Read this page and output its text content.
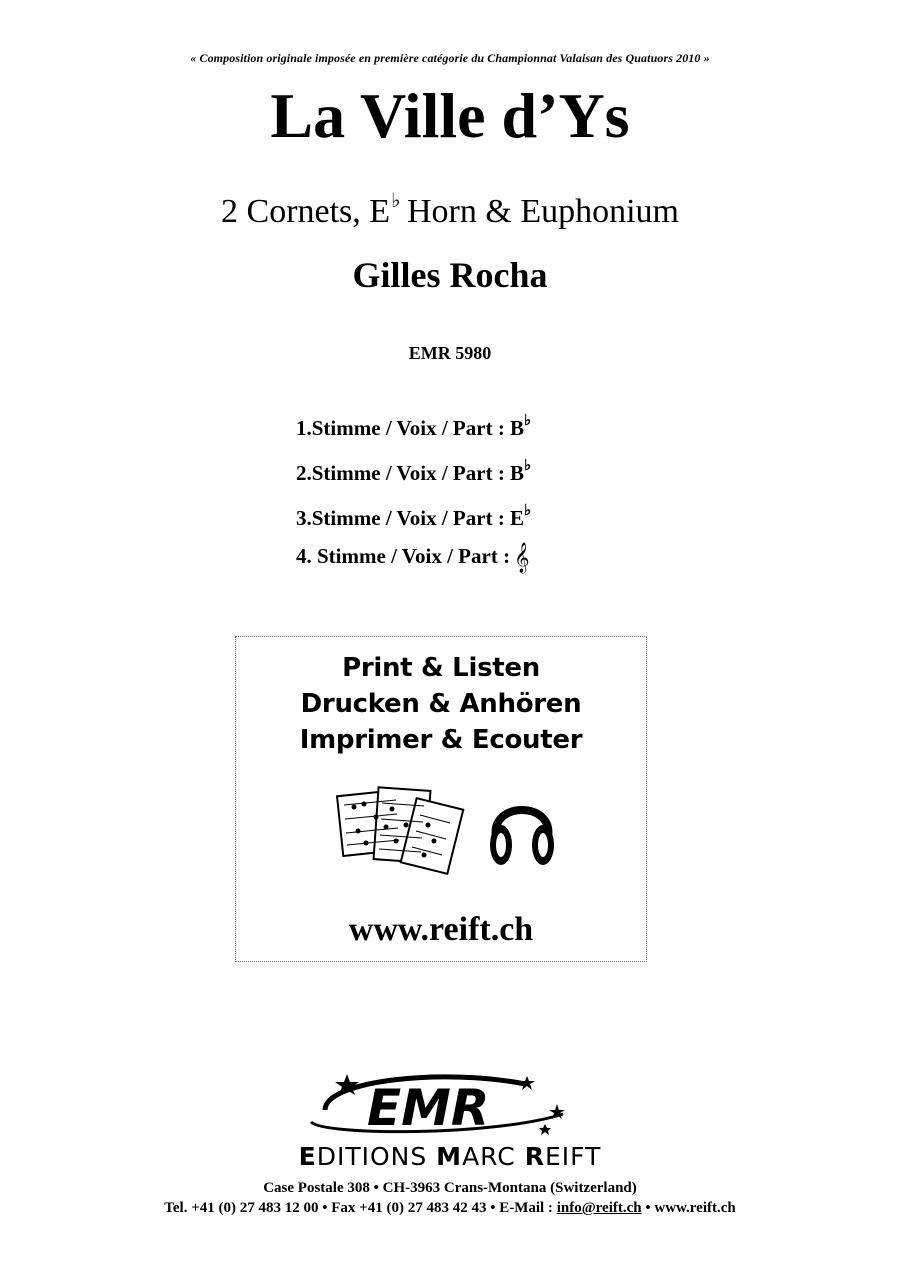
« Composition originale imposée en première catégorie du Championnat Valaisan des Quatuors 2010 »
La Ville d’Ys
2 Cornets, E♭ Horn & Euphonium
Gilles Rocha
EMR 5980
1.Stimme / Voix / Part : B♭
2.Stimme / Voix / Part : B♭
3.Stimme / Voix / Part : E♭
4. Stimme / Voix / Part : 𝄞
Print & Listen
Drucken & Anhören
Imprimer & Ecouter
www.reift.ch
EMR
EDITIONS MARC REIFT
Case Postale 308 • CH-3963 Crans-Montana (Switzerland)
Tel. +41 (0) 27 483 12 00 • Fax +41 (0) 27 483 42 43 • E-Mail : info@reift.ch • www.reift.ch
